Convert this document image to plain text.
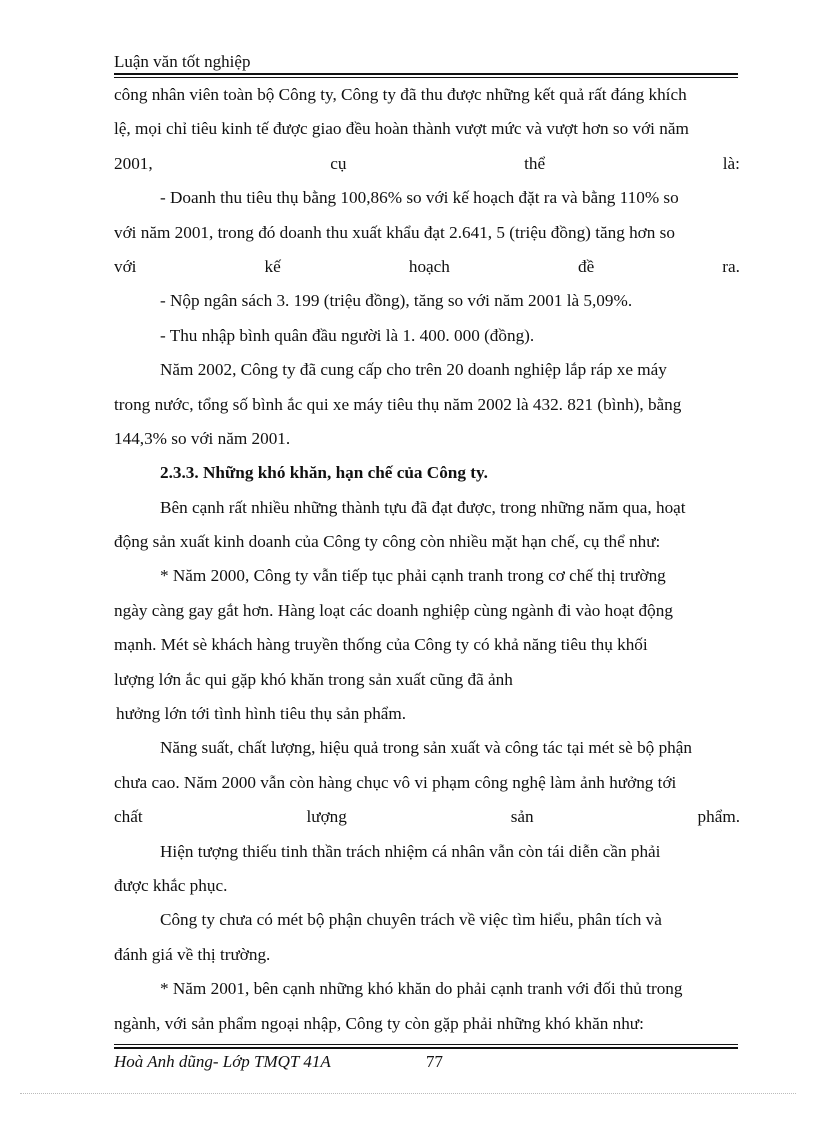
Luận văn tốt nghiệp
công nhân viên toàn bộ Công ty, Công ty đã thu được những kết quả rất đáng khích
lệ, mọi chỉ tiêu kinh tế được giao đều hoàn thành vượt mức và vượt hơn so với năm
2001,	cụ	thể	là:
- Doanh thu tiêu thụ bằng 100,86% so với kế hoạch đặt ra và bằng 110% so
với năm 2001, trong đó doanh thu xuất khẩu đạt 2.641, 5 (triệu đồng) tăng hơn so
với	kế	hoạch	đề	ra.
- Nộp ngân sách 3. 199 (triệu đồng), tăng so với năm 2001 là 5,09%.
- Thu nhập bình quân đầu người là 1. 400. 000 (đồng).
Năm 2002, Công ty đã cung cấp cho trên 20 doanh nghiệp lắp ráp xe máy
trong nước, tổng số bình ắc qui xe máy tiêu thụ năm 2002 là 432. 821 (bình), bằng
144,3% so với năm 2001.
2.3.3. Những khó khăn, hạn chế của Công ty.
Bên cạnh rất nhiều những thành tựu đã đạt được, trong những năm qua, hoạt
động sản xuất kinh doanh của Công ty công còn nhiều mặt hạn chế, cụ thể như:
* Năm 2000, Công ty vẫn tiếp tục phải cạnh tranh trong cơ chế thị trường
ngày càng gay gắt hơn. Hàng loạt các doanh nghiệp cùng ngành đi vào hoạt động
mạnh. Mét sè khách hàng truyền thống của Công ty có khả năng tiêu thụ khối
lượng lớn ắc qui gặp khó khăn trong sản xuất cũng đã ảnh
hưởng lớn tới tình hình tiêu thụ sản phẩm.
Năng suất, chất lượng, hiệu quả trong sản xuất và công tác tại mét sè bộ phận
chưa cao. Năm 2000 vẫn còn hàng chục vô vi phạm công nghệ làm ảnh hưởng tới
chất	lượng	sản	phẩm.
Hiện tượng thiếu tinh thần trách nhiệm cá nhân vẫn còn tái diễn cần phải
được khắc phục.
Công ty chưa có mét bộ phận chuyên trách về việc tìm hiểu, phân tích và
đánh giá về thị trường.
* Năm 2001, bên cạnh những khó khăn do phải cạnh tranh với đối thủ trong
ngành, với sản phẩm ngoại nhập, Công ty còn gặp phải những khó khăn như:
Hoà Anh dũng- Lớp TMQT 41A	77
